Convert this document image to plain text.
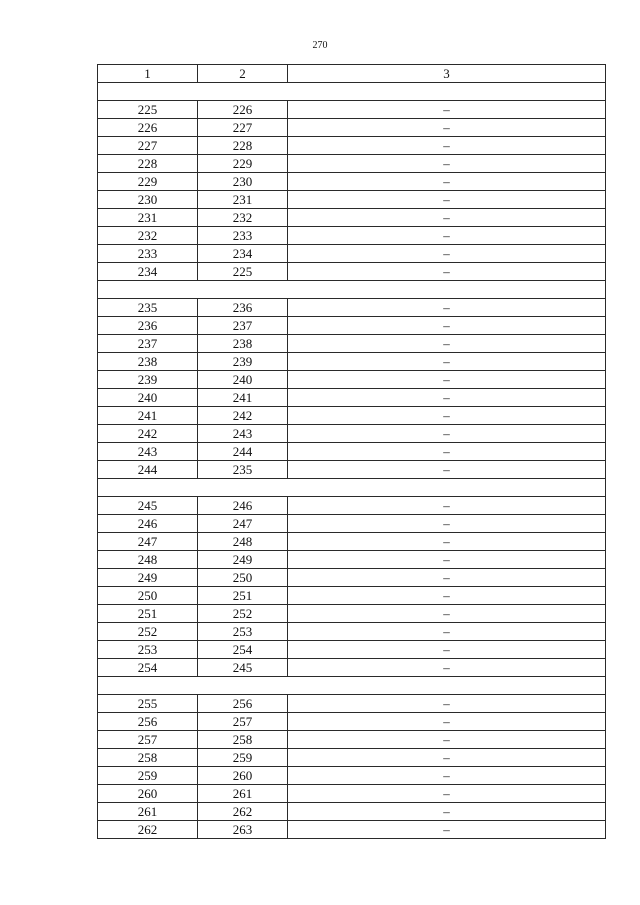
270
1	2	3

225	226	–
226	227	–
227	228	–
228	229	–
229	230	–
230	231	–
231	232	–
232	233	–
233	234	–
234	225	–

235	236	–
236	237	–
237	238	–
238	239	–
239	240	–
240	241	–
241	242	–
242	243	–
243	244	–
244	235	–

245	246	–
246	247	–
247	248	–
248	249	–
249	250	–
250	251	–
251	252	–
252	253	–
253	254	–
254	245	–

255	256	–
256	257	–
257	258	–
258	259	–
259	260	–
260	261	–
261	262	–
262	263	–
